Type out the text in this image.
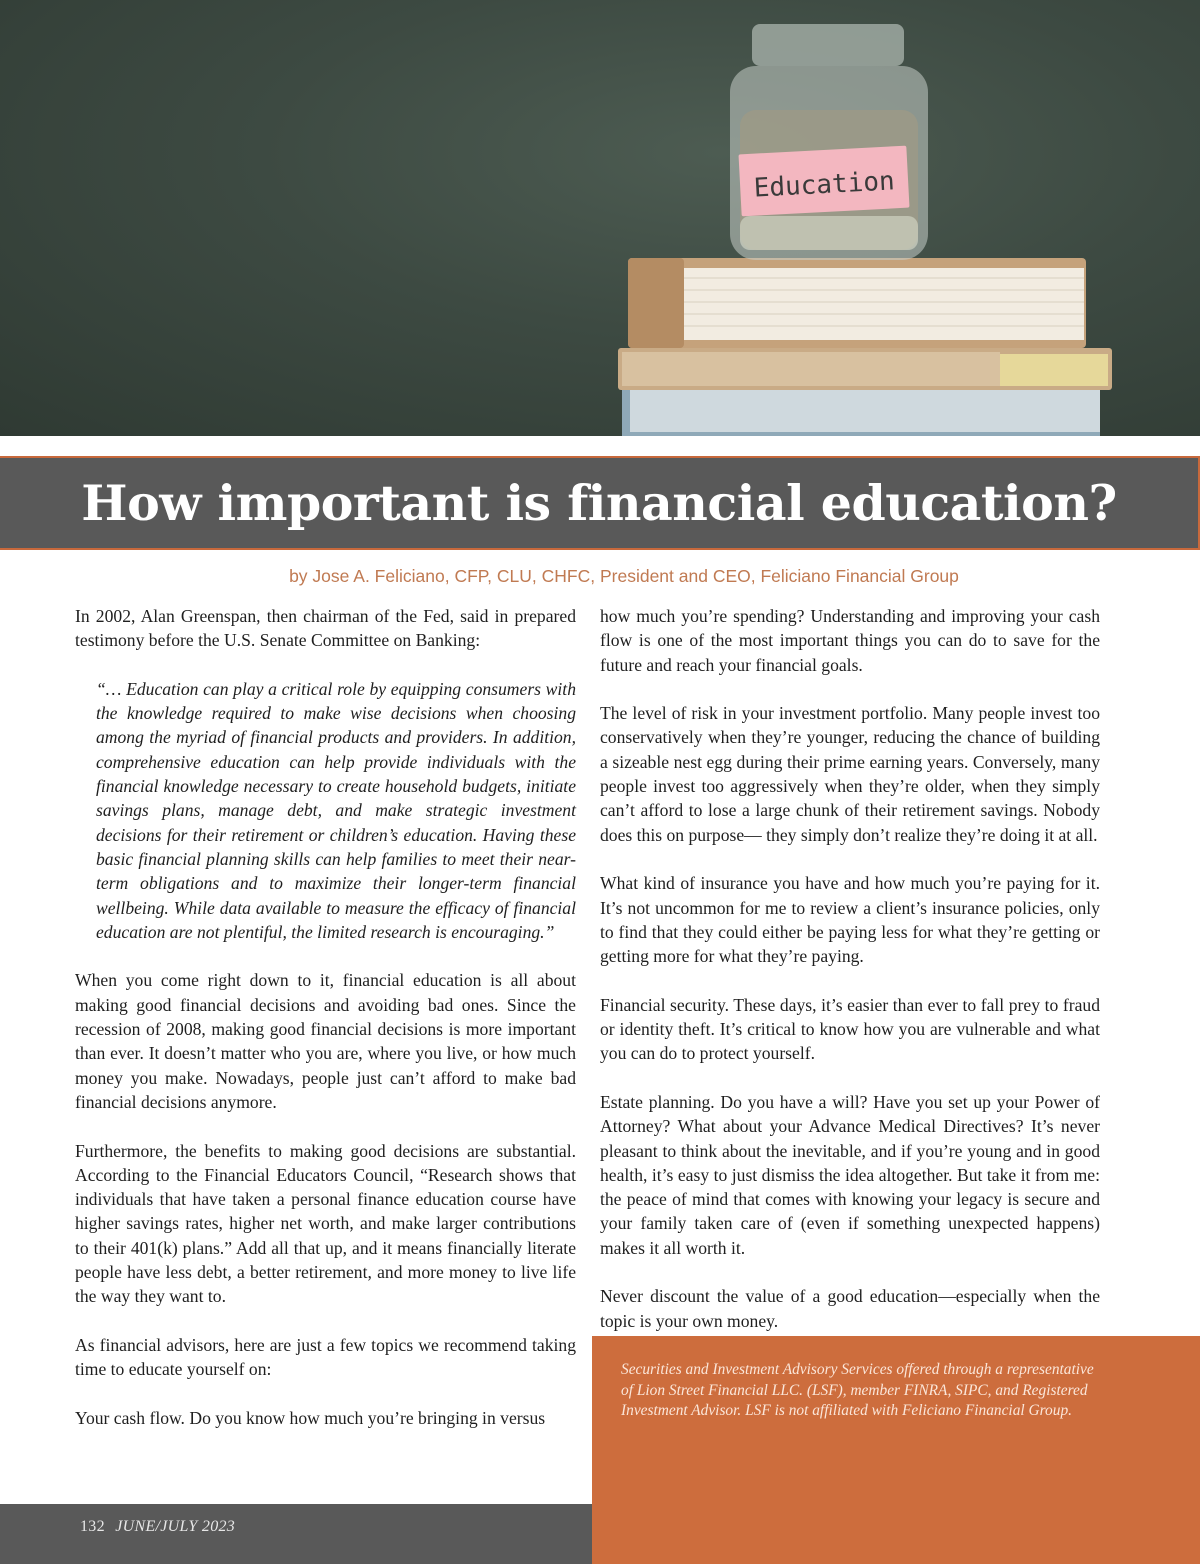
Education
How important is financial education?
by Jose A. Feliciano, CFP, CLU, CHFC, President and CEO, Feliciano Financial Group

In 2002, Alan Greenspan, then chairman of the Fed, said in prepared testimony before the U.S. Senate Committee on Banking:

“… Education can play a critical role by equipping consumers with the knowledge required to make wise decisions when choosing among the myriad of financial products and providers. In addition, comprehensive education can help provide individuals with the financial knowledge necessary to create household budgets, initiate savings plans, manage debt, and make strategic investment decisions for their retirement or children’s education. Having these basic financial planning skills can help families to meet their near-term obligations and to maximize their longer-term financial wellbeing. While data available to measure the efficacy of financial education are not plentiful, the limited research is encouraging.”

When you come right down to it, financial education is all about making good financial decisions and avoiding bad ones. Since the recession of 2008, making good financial decisions is more important than ever. It doesn’t matter who you are, where you live, or how much money you make. Nowadays, people just can’t afford to make bad financial decisions anymore.

Furthermore, the benefits to making good decisions are substantial. According to the Financial Educators Council, “Research shows that individuals that have taken a personal finance education course have higher savings rates, higher net worth, and make larger contributions to their 401(k) plans.” Add all that up, and it means financially literate people have less debt, a better retirement, and more money to live life the way they want to.

As financial advisors, here are just a few topics we recommend taking time to educate yourself on:

Your cash flow. Do you know how much you’re bringing in versus

how much you’re spending? Understanding and improving your cash flow is one of the most important things you can do to save for the future and reach your financial goals.

The level of risk in your investment portfolio. Many people invest too conservatively when they’re younger, reducing the chance of building a sizeable nest egg during their prime earning years. Conversely, many people invest too aggressively when they’re older, when they simply can’t afford to lose a large chunk of their retirement savings. Nobody does this on purpose— they simply don’t realize they’re doing it at all.

What kind of insurance you have and how much you’re paying for it. It’s not uncommon for me to review a client’s insurance policies, only to find that they could either be paying less for what they’re getting or getting more for what they’re paying.

Financial security. These days, it’s easier than ever to fall prey to fraud or identity theft. It’s critical to know how you are vulnerable and what you can do to protect yourself.

Estate planning. Do you have a will? Have you set up your Power of Attorney? What about your Advance Medical Directives? It’s never pleasant to think about the inevitable, and if you’re young and in good health, it’s easy to just dismiss the idea altogether. But take it from me: the peace of mind that comes with knowing your legacy is secure and your family taken care of (even if something unexpected happens) makes it all worth it.

Never discount the value of a good education—especially when the topic is your own money.

Securities and Investment Advisory Services offered through a representative of Lion Street Financial LLC. (LSF), member FINRA, SIPC, and Registered Investment Advisor. LSF is not affiliated with Feliciano Financial Group.

132 JUNE/JULY 2023
